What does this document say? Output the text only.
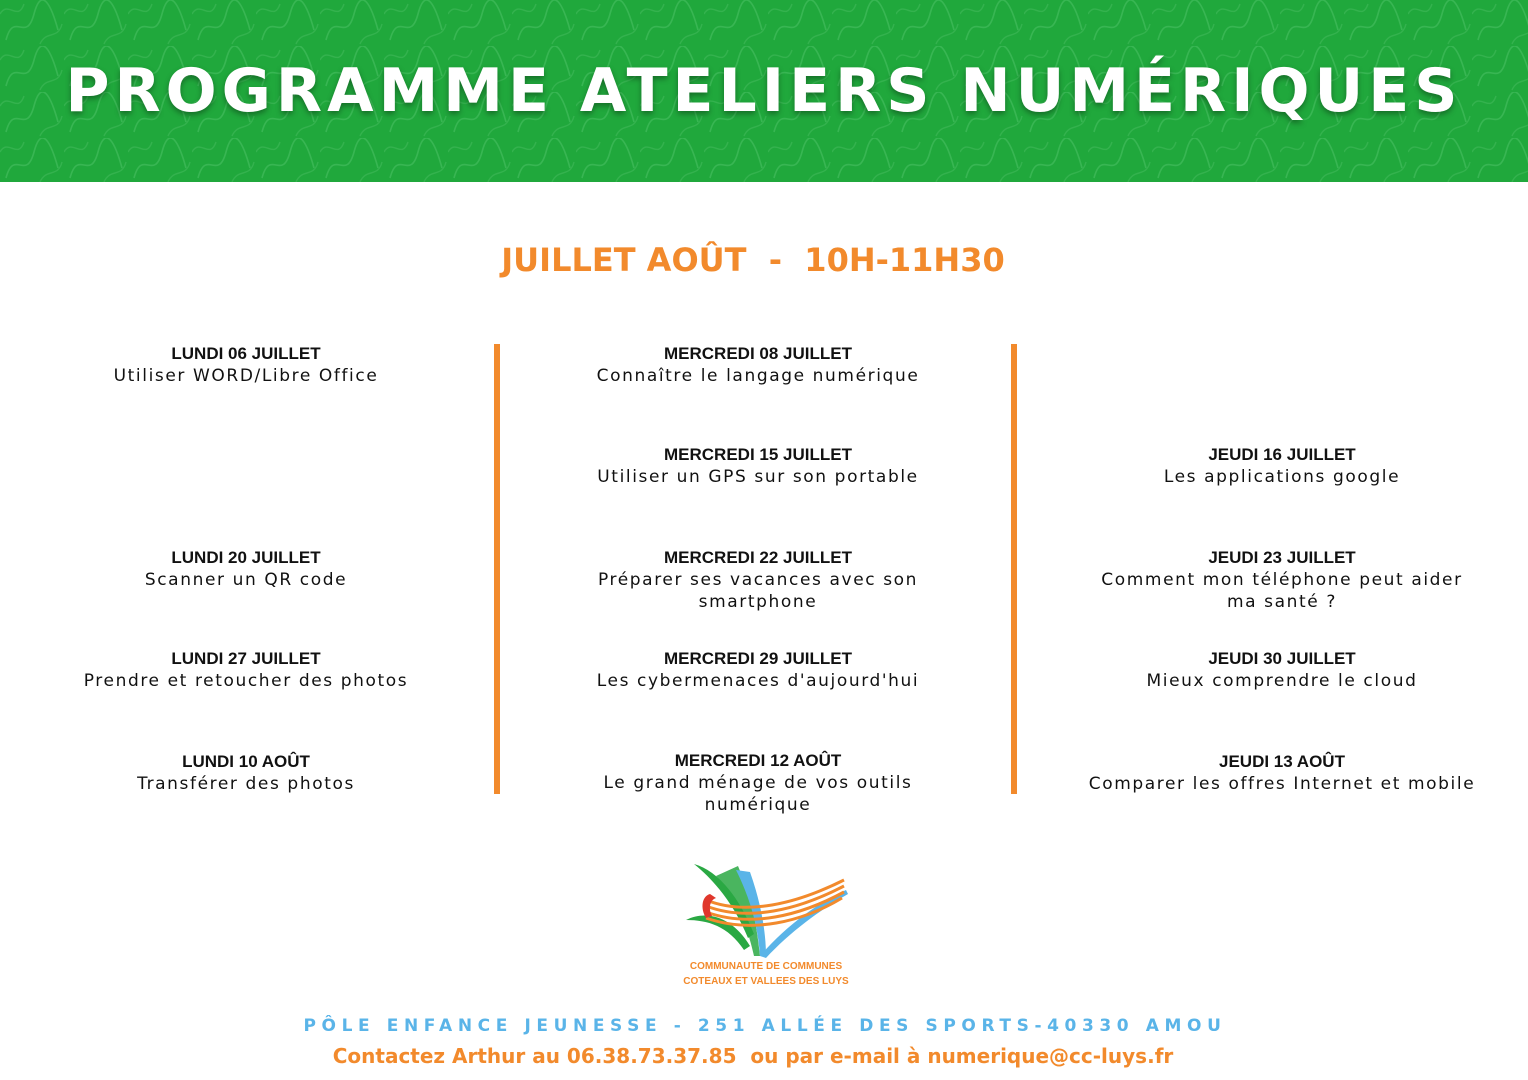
PROGRAMME ATELIERS NUMÉRIQUES
JUILLET AOÛT  -  10H-11H30
LUNDI 06 JUILLET
Utiliser WORD/Libre Office
LUNDI 20 JUILLET
Scanner un QR code
LUNDI 27 JUILLET
Prendre et retoucher des photos
LUNDI 10 AOÛT
Transférer des photos
MERCREDI 08 JUILLET
Connaître le langage numérique
MERCREDI 15 JUILLET
Utiliser un GPS sur son portable
MERCREDI 22 JUILLET
Préparer ses vacances avec son
smartphone
MERCREDI 29 JUILLET
Les cybermenaces d'aujourd'hui
MERCREDI 12 AOÛT
Le grand ménage de vos outils
numérique
JEUDI 16 JUILLET
Les applications google
JEUDI 23 JUILLET
Comment mon téléphone peut aider
ma santé ?
JEUDI 30 JUILLET
Mieux comprendre le cloud
JEUDI 13 AOÛT
Comparer les offres Internet et mobile
COMMUNAUTE DE COMMUNES
COTEAUX ET VALLEES DES LUYS
PÔLE ENFANCE JEUNESSE - 251 ALLÉE DES SPORTS-40330 AMOU
Contactez Arthur au 06.38.73.37.85  ou par e-mail à numerique@cc-luys.fr
